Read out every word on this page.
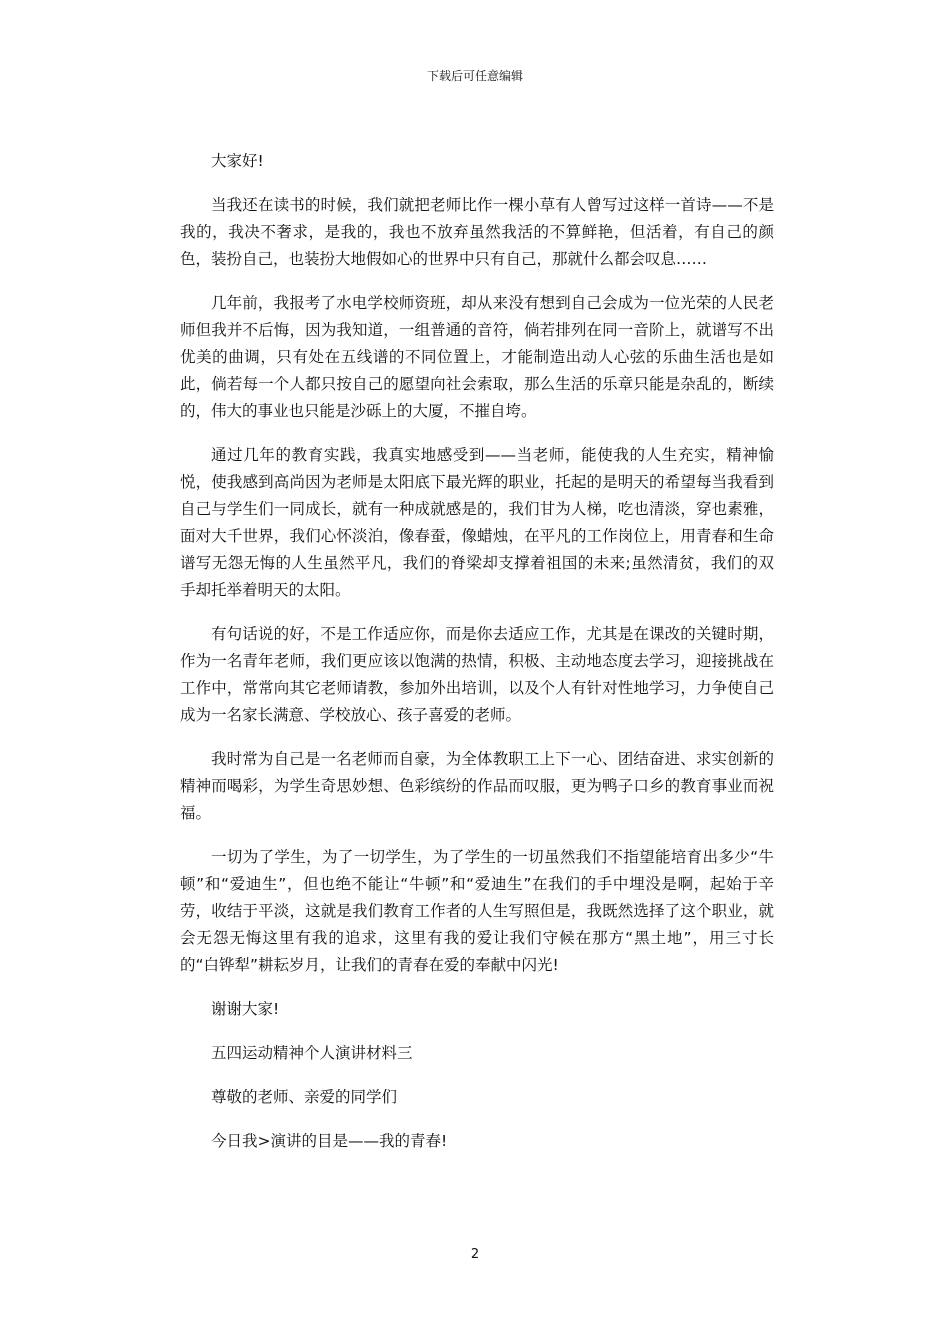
下载后可任意编辑

大家好!

当我还在读书的时候，我们就把老师比作一棵小草有人曾写过这样一首诗——不是我的，我决不奢求，是我的，我也不放弃虽然我活的不算鲜艳，但活着，有自己的颜色，装扮自己，也装扮大地假如心的世界中只有自己，那就什么都会叹息……

几年前，我报考了水电学校师资班，却从来没有想到自己会成为一位光荣的人民老师但我并不后悔，因为我知道，一组普通的音符，倘若排列在同一音阶上，就谱写不出优美的曲调，只有处在五线谱的不同位置上，才能制造出动人心弦的乐曲生活也是如此，倘若每一个人都只按自己的愿望向社会索取，那么生活的乐章只能是杂乱的，断续的，伟大的事业也只能是沙砾上的大厦，不摧自垮。

通过几年的教育实践，我真实地感受到——当老师，能使我的人生充实，精神愉悦，使我感到高尚因为老师是太阳底下最光辉的职业，托起的是明天的希望每当我看到自己与学生们一同成长，就有一种成就感是的，我们甘为人梯，吃也清淡，穿也素雅，面对大千世界，我们心怀淡泊，像春蚕，像蜡烛，在平凡的工作岗位上，用青春和生命谱写无怨无悔的人生虽然平凡，我们的脊梁却支撑着祖国的未来;虽然清贫，我们的双手却托举着明天的太阳。

有句话说的好，不是工作适应你，而是你去适应工作，尤其是在课改的关键时期，作为一名青年老师，我们更应该以饱满的热情，积极、主动地态度去学习，迎接挑战在工作中，常常向其它老师请教，参加外出培训，以及个人有针对性地学习，力争使自己成为一名家长满意、学校放心、孩子喜爱的老师。

我时常为自己是一名老师而自豪，为全体教职工上下一心、团结奋进、求实创新的精神而喝彩，为学生奇思妙想、色彩缤纷的作品而叹服，更为鸭子口乡的教育事业而祝福。

一切为了学生，为了一切学生，为了学生的一切虽然我们不指望能培育出多少“牛顿”和“爱迪生”，但也绝不能让“牛顿”和“爱迪生”在我们的手中埋没是啊，起始于辛劳，收结于平淡，这就是我们教育工作者的人生写照但是，我既然选择了这个职业，就会无怨无悔这里有我的追求，这里有我的爱让我们守候在那方“黑土地”，用三寸长的“白铧犁”耕耘岁月，让我们的青春在爱的奉献中闪光!

谢谢大家!

五四运动精神个人演讲材料三

尊敬的老师、亲爱的同学们

今日我>演讲的目是——我的青春!

2
